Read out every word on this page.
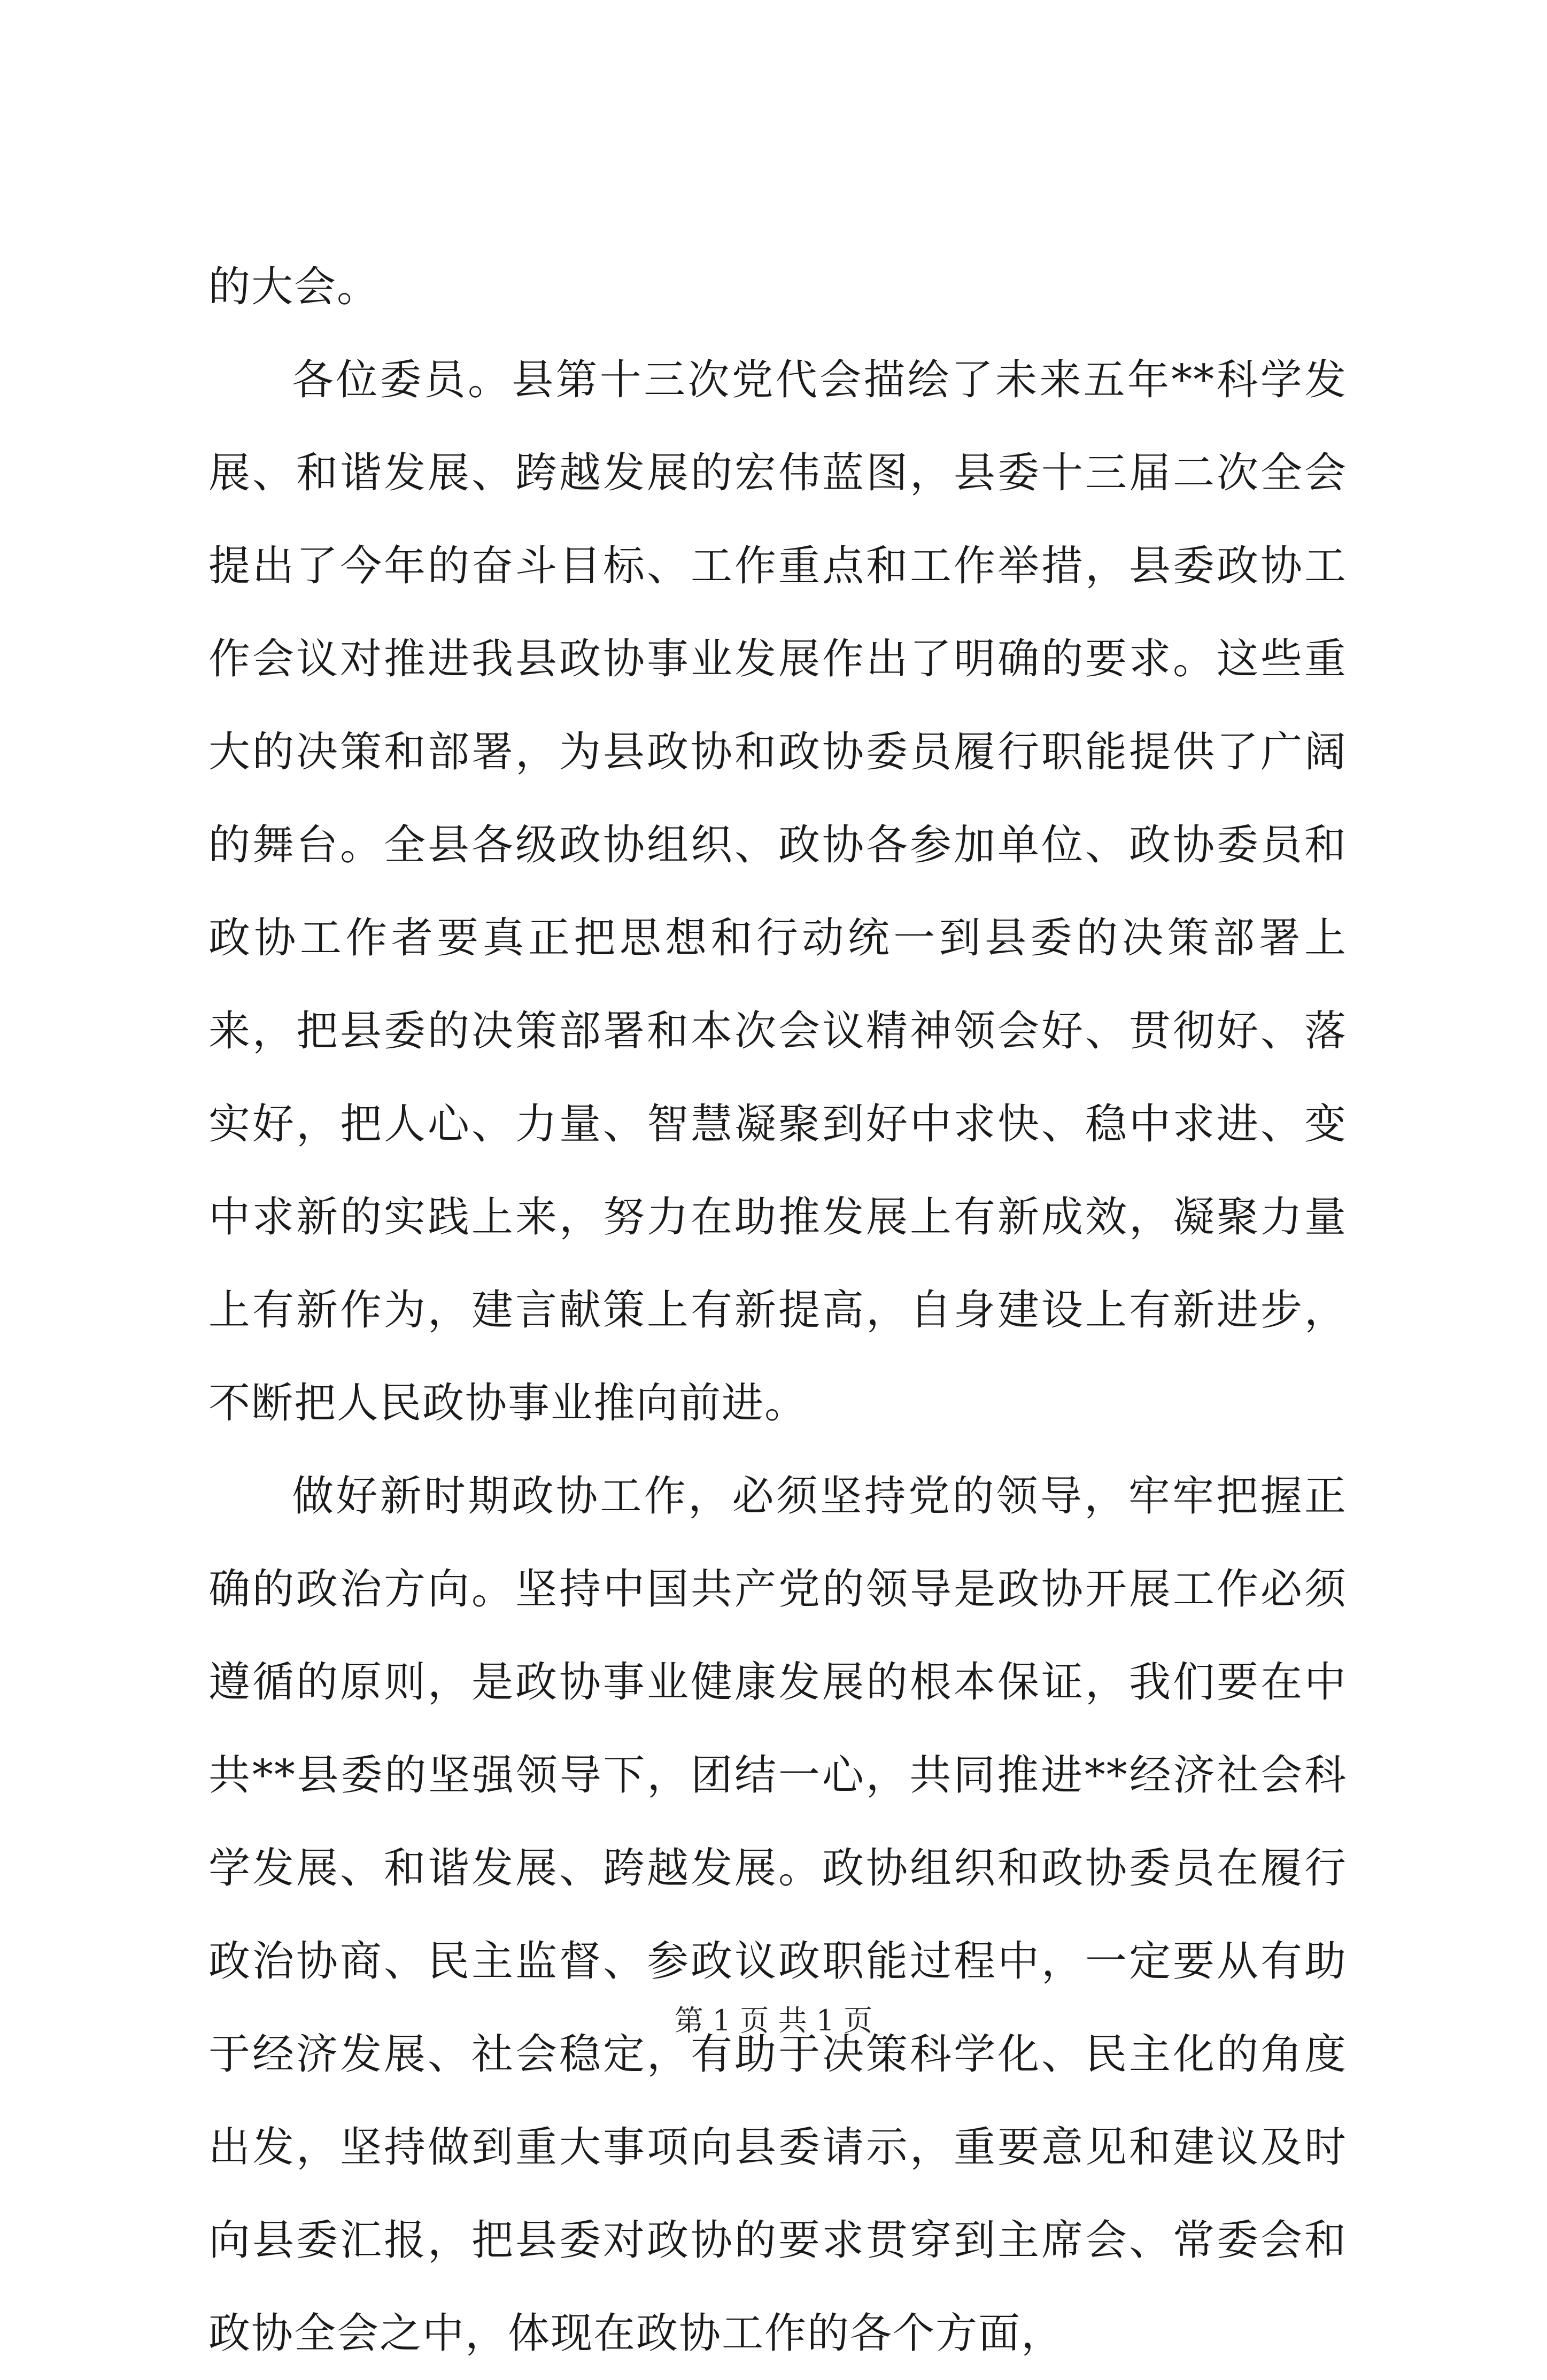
的大会。

各位委员。县第十三次党代会描绘了未来五年**科学发展、和谐发展、跨越发展的宏伟蓝图，县委十三届二次全会提出了今年的奋斗目标、工作重点和工作举措，县委政协工作会议对推进我县政协事业发展作出了明确的要求。这些重大的决策和部署，为县政协和政协委员履行职能提供了广阔的舞台。全县各级政协组织、政协各参加单位、政协委员和政协工作者要真正把思想和行动统一到县委的决策部署上来，把县委的决策部署和本次会议精神领会好、贯彻好、落实好，把人心、力量、智慧凝聚到好中求快、稳中求进、变中求新的实践上来，努力在助推发展上有新成效，凝聚力量上有新作为，建言献策上有新提高，自身建设上有新进步，不断把人民政协事业推向前进。

做好新时期政协工作，必须坚持党的领导，牢牢把握正确的政治方向。坚持中国共产党的领导是政协开展工作必须遵循的原则，是政协事业健康发展的根本保证，我们要在中共**县委的坚强领导下，团结一心，共同推进**经济社会科学发展、和谐发展、跨越发展。政协组织和政协委员在履行政治协商、民主监督、参政议政职能过程中，一定要从有助于经济发展、社会稳定，有助于决策科学化、民主化的角度出发，坚持做到重大事项向县委请示，重要意见和建议及时向县委汇报，把县委对政协的要求贯穿到主席会、常委会和政协全会之中，体现在政协工作的各个方面，

第 1 页 共 1 页
